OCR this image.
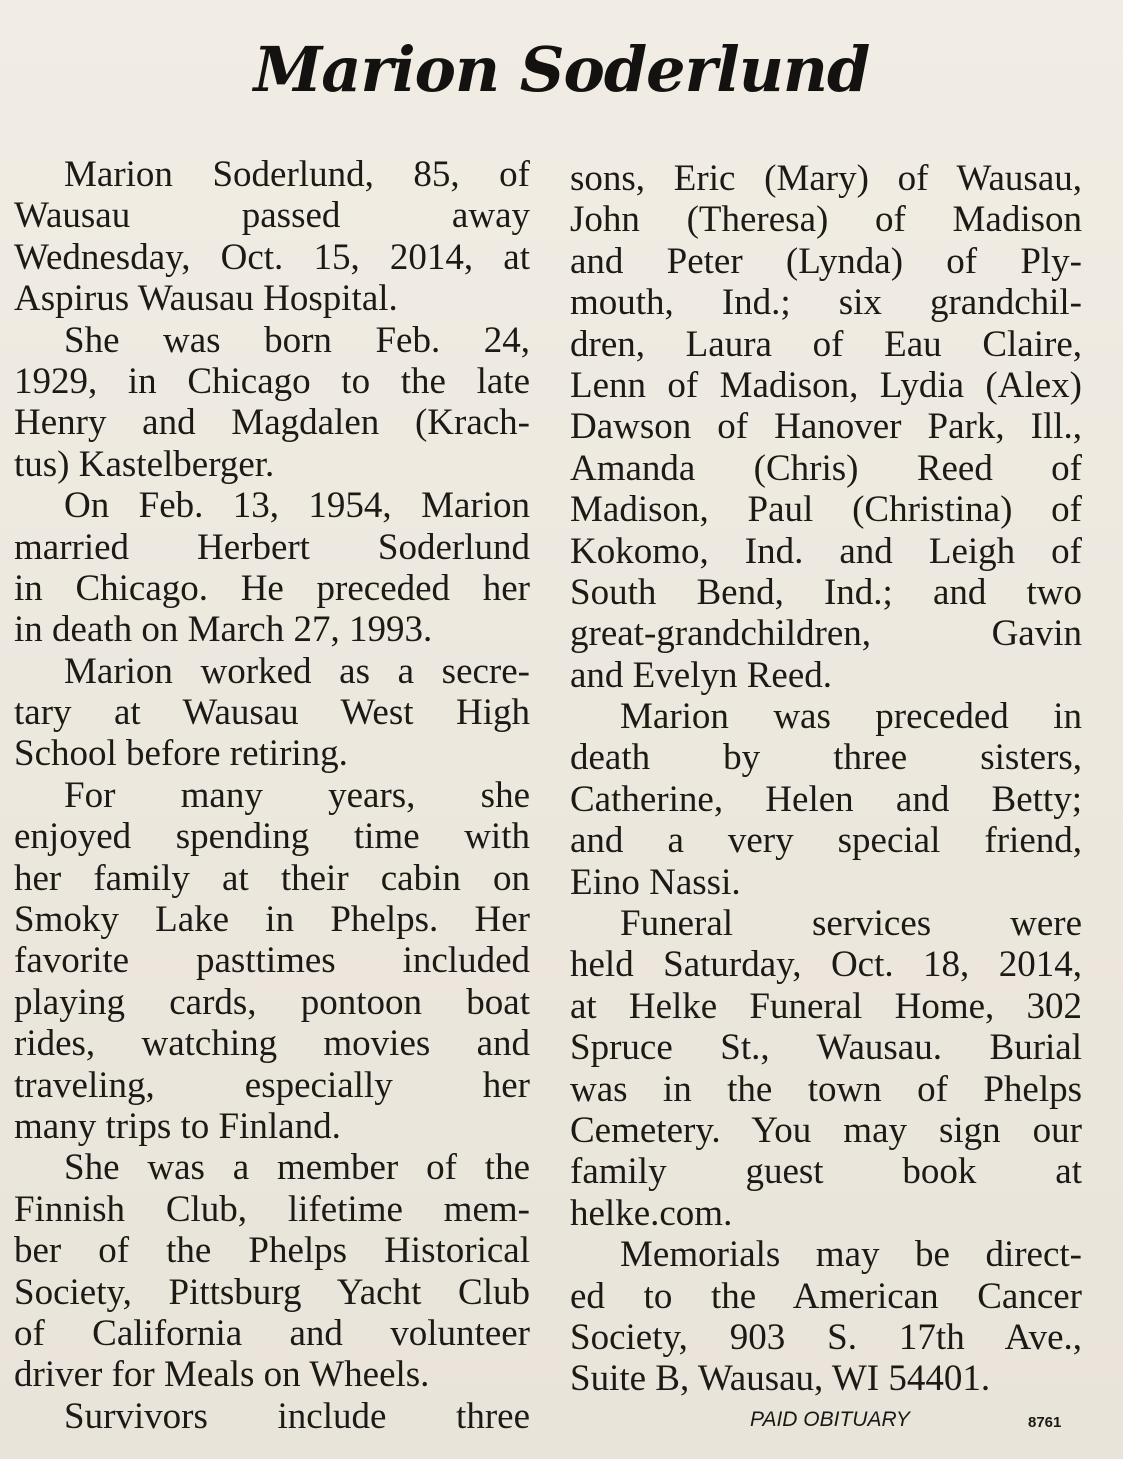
Marion Soderlund
Marion Soderlund, 85, of
Wausau passed away
Wednesday, Oct. 15, 2014, at
Aspirus Wausau Hospital.
She was born Feb. 24,
1929, in Chicago to the late
Henry and Magdalen (Krach-
tus) Kastelberger.
On Feb. 13, 1954, Marion
married Herbert Soderlund
in Chicago. He preceded her
in death on March 27, 1993.
Marion worked as a secre-
tary at Wausau West High
School before retiring.
For many years, she
enjoyed spending time with
her family at their cabin on
Smoky Lake in Phelps. Her
favorite pasttimes included
playing cards, pontoon boat
rides, watching movies and
traveling, especially her
many trips to Finland.
She was a member of the
Finnish Club, lifetime mem-
ber of the Phelps Historical
Society, Pittsburg Yacht Club
of California and volunteer
driver for Meals on Wheels.
Survivors include three
sons, Eric (Mary) of Wausau,
John (Theresa) of Madison
and Peter (Lynda) of Ply-
mouth, Ind.; six grandchil-
dren, Laura of Eau Claire,
Lenn of Madison, Lydia (Alex)
Dawson of Hanover Park, Ill.,
Amanda (Chris) Reed of
Madison, Paul (Christina) of
Kokomo, Ind. and Leigh of
South Bend, Ind.; and two
great-grandchildren, Gavin
and Evelyn Reed.
Marion was preceded in
death by three sisters,
Catherine, Helen and Betty;
and a very special friend,
Eino Nassi.
Funeral services were
held Saturday, Oct. 18, 2014,
at Helke Funeral Home, 302
Spruce St., Wausau. Burial
was in the town of Phelps
Cemetery. You may sign our
family guest book at
helke.com.
Memorials may be direct-
ed to the American Cancer
Society, 903 S. 17th Ave.,
Suite B, Wausau, WI 54401.
PAID OBITUARY	8761
